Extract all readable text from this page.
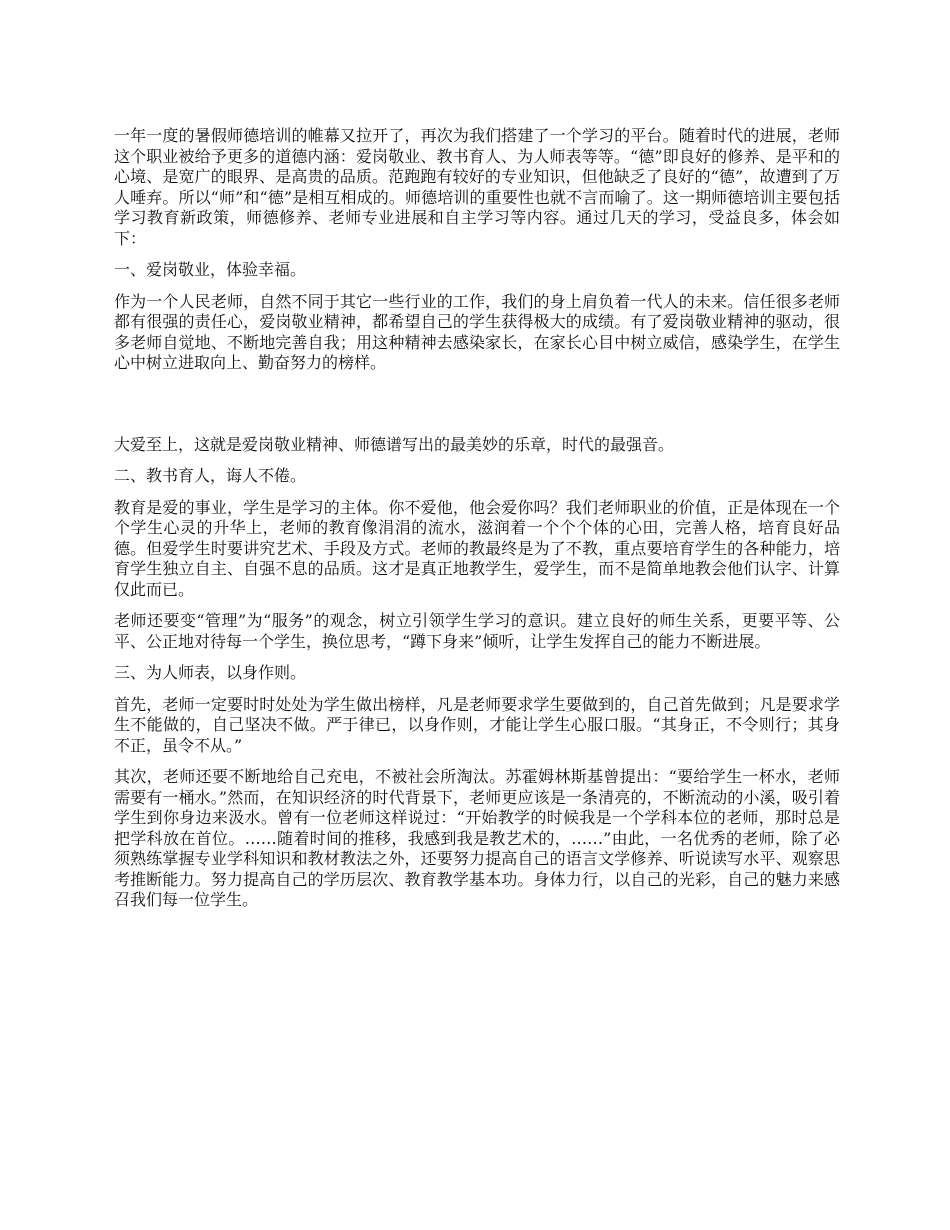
一年一度的暑假师德培训的帷幕又拉开了，再次为我们搭建了一个学习的平台。随着时代的进展，老师这个职业被给予更多的道德内涵：爱岗敬业、教书育人、为人师表等等。“德”即良好的修养、是平和的心境、是宽广的眼界、是高贵的品质。范跑跑有较好的专业知识，但他缺乏了良好的“德”，故遭到了万人唾弃。所以“师”和“德”是相互相成的。师德培训的重要性也就不言而喻了。这一期师德培训主要包括学习教育新政策，师德修养、老师专业进展和自主学习等内容。通过几天的学习，受益良多，体会如下：

一、爱岗敬业，体验幸福。

作为一个人民老师，自然不同于其它一些行业的工作，我们的身上肩负着一代人的未来。信任很多老师都有很强的责任心，爱岗敬业精神，都希望自己的学生获得极大的成绩。有了爱岗敬业精神的驱动，很多老师自觉地、不断地完善自我；用这种精神去感染家长，在家长心目中树立威信，感染学生，在学生心中树立进取向上、勤奋努力的榜样。

大爱至上，这就是爱岗敬业精神、师德谱写出的最美妙的乐章，时代的最强音。

二、教书育人，诲人不倦。

教育是爱的事业，学生是学习的主体。你不爱他，他会爱你吗？我们老师职业的价值，正是体现在一个个学生心灵的升华上，老师的教育像涓涓的流水，滋润着一个个个体的心田，完善人格，培育良好品德。但爱学生时要讲究艺术、手段及方式。老师的教最终是为了不教，重点要培育学生的各种能力，培育学生独立自主、自强不息的品质。这才是真正地教学生，爱学生，而不是简单地教会他们认字、计算仅此而已。

老师还要变“管理”为“服务”的观念，树立引领学生学习的意识。建立良好的师生关系，更要平等、公平、公正地对待每一个学生，换位思考，“蹲下身来”倾听，让学生发挥自己的能力不断进展。

三、为人师表，以身作则。

首先，老师一定要时时处处为学生做出榜样，凡是老师要求学生要做到的，自己首先做到；凡是要求学生不能做的，自己坚决不做。严于律已，以身作则，才能让学生心服口服。“其身正，不令则行；其身不正，虽令不从。”

其次，老师还要不断地给自己充电，不被社会所淘汰。苏霍姆林斯基曾提出：“要给学生一杯水，老师需要有一桶水。”然而，在知识经济的时代背景下，老师更应该是一条清亮的，不断流动的小溪，吸引着学生到你身边来汲水。曾有一位老师这样说过：“开始教学的时候我是一个学科本位的老师，那时总是把学科放在首位。……随着时间的推移，我感到我是教艺术的，……”由此，一名优秀的老师，除了必须熟练掌握专业学科知识和教材教法之外，还要努力提高自己的语言文学修养、听说读写水平、观察思考推断能力。努力提高自己的学历层次、教育教学基本功。身体力行，以自己的光彩，自己的魅力来感召我们每一位学生。
